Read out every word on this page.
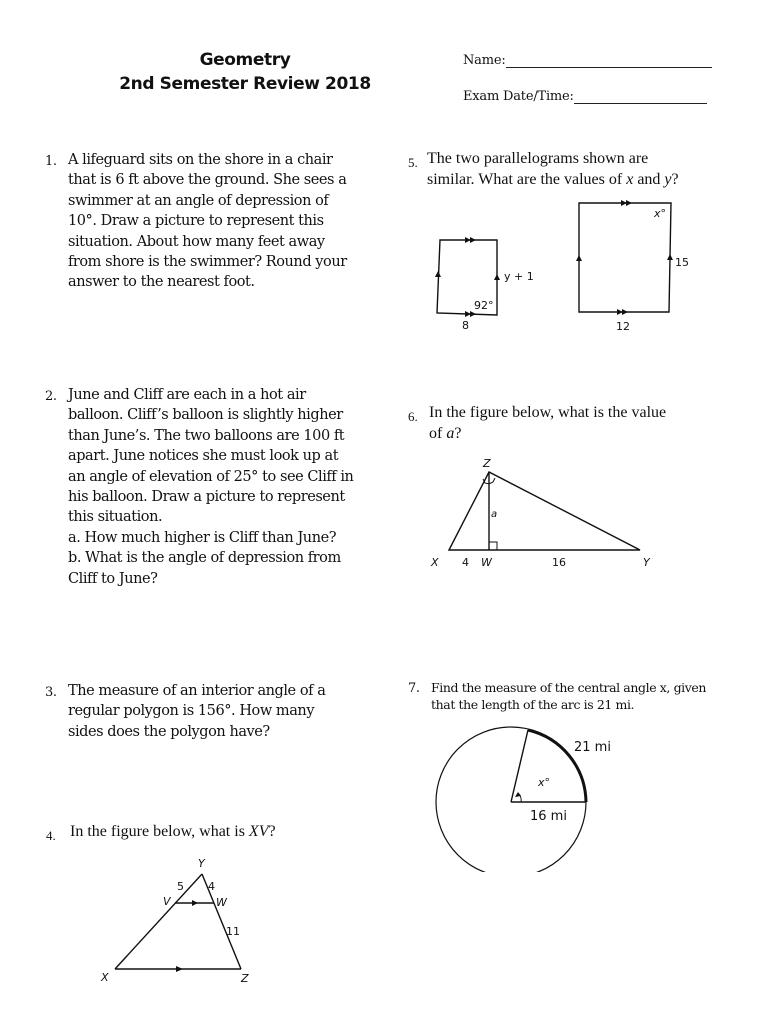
Geometry
2nd Semester Review 2018
Name:
Exam Date/Time:
1. A lifeguard sits on the shore in a chair
that is 6 ft above the ground. She sees a
swimmer at an angle of depression of
10°. Draw a picture to represent this
situation. About how many feet away
from shore is the swimmer? Round your
answer to the nearest foot.
2. June and Cliff are each in a hot air
balloon. Cliff’s balloon is slightly higher
than June’s. The two balloons are 100 ft
apart. June notices she must look up at
an angle of elevation of 25° to see Cliff in
his balloon. Draw a picture to represent
this situation.
a. How much higher is Cliff than June?
b. What is the angle of depression from
Cliff to June?
3. The measure of an interior angle of a
regular polygon is 156°. How many
sides does the polygon have?
4. In the figure below, what is XV?
Y
V	W
X	Z
5 4
11
5. The two parallelograms shown are
similar. What are the values of x and y?
y + 1
92°
8
x°
15
12
6. In the figure below, what is the value
of a?
Z
a
X	W	Y
4	16
7. Find the measure of the central angle x, given
that the length of the arc is 21 mi.
21 mi
x°
16 mi
